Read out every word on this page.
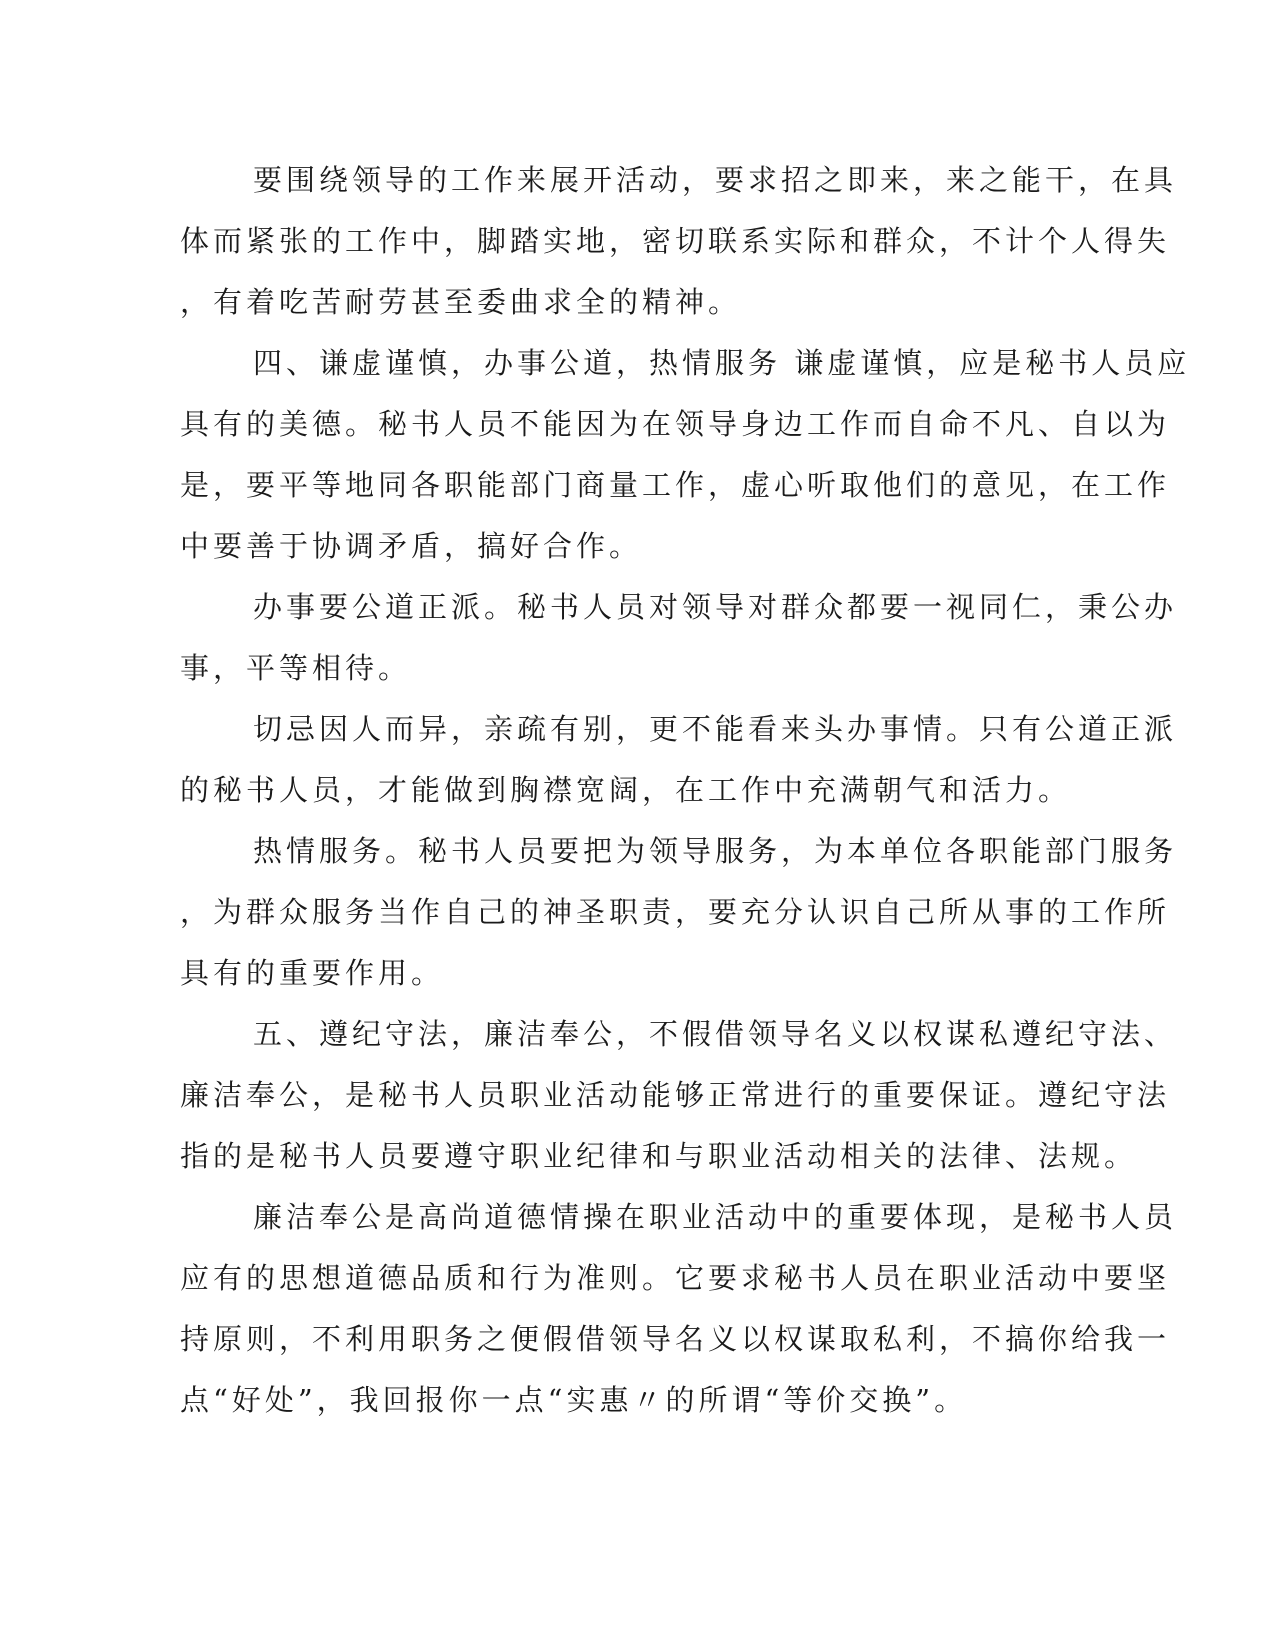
要围绕领导的工作来展开活动，要求招之即来，来之能干，在具
体而紧张的工作中，脚踏实地，密切联系实际和群众，不计个人得失
，有着吃苦耐劳甚至委曲求全的精神。
四、谦虚谨慎，办事公道，热情服务 谦虚谨慎，应是秘书人员应
具有的美德。秘书人员不能因为在领导身边工作而自命不凡、自以为
是，要平等地同各职能部门商量工作，虚心听取他们的意见，在工作
中要善于协调矛盾，搞好合作。
办事要公道正派。秘书人员对领导对群众都要一视同仁，秉公办
事，平等相待。
切忌因人而异，亲疏有别，更不能看来头办事情。只有公道正派
的秘书人员，才能做到胸襟宽阔，在工作中充满朝气和活力。
热情服务。秘书人员要把为领导服务，为本单位各职能部门服务
，为群众服务当作自己的神圣职责，要充分认识自己所从事的工作所
具有的重要作用。
五、遵纪守法，廉洁奉公，不假借领导名义以权谋私遵纪守法、
廉洁奉公，是秘书人员职业活动能够正常进行的重要保证。遵纪守法
指的是秘书人员要遵守职业纪律和与职业活动相关的法律、法规。
廉洁奉公是高尚道德情操在职业活动中的重要体现，是秘书人员
应有的思想道德品质和行为准则。它要求秘书人员在职业活动中要坚
持原则，不利用职务之便假借领导名义以权谋取私利，不搞你给我一
点“好处”，我回报你一点“实惠〃的所谓“等价交换”。
